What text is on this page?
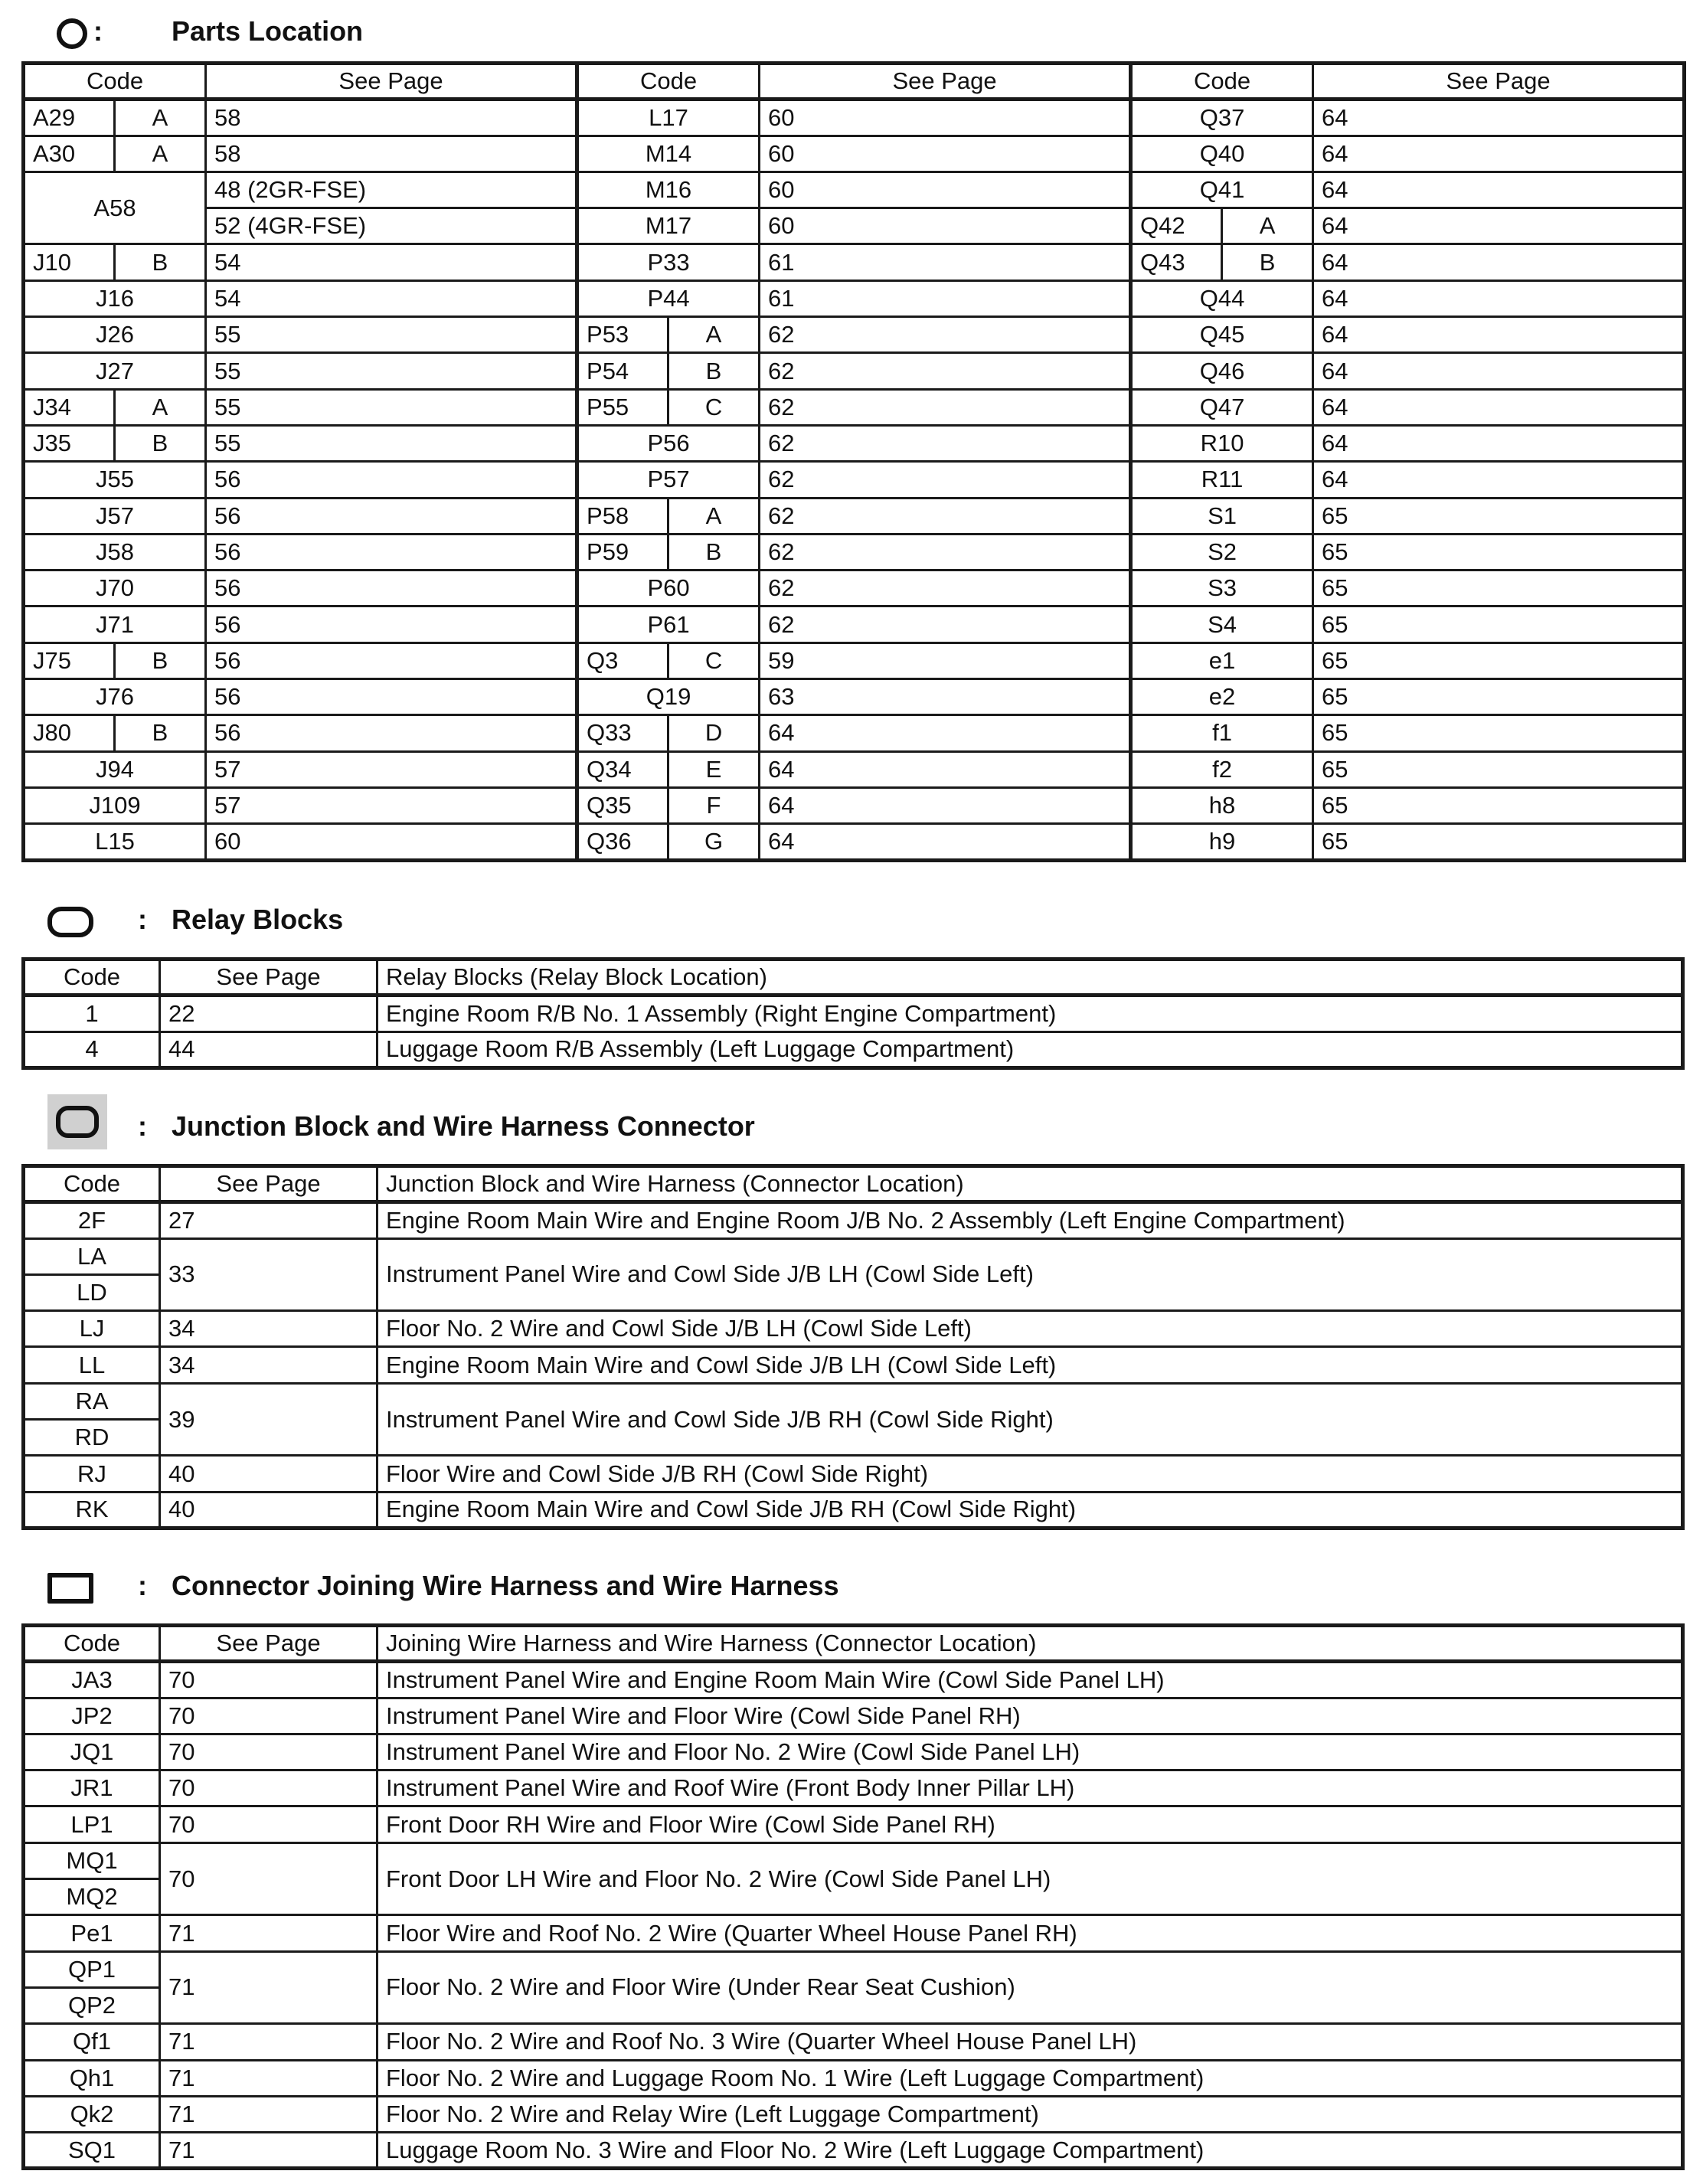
:	Parts Location
Code		See Page	Code		See Page	Code		See Page
A29	A	58	L17		60	Q37		64
A30	A	58	M14		60	Q40		64
A58		48 (2GR-FSE)	M16		60	Q41		64
		52 (4GR-FSE)	M17		60	Q42	A	64
J10	B	54	P33		61	Q43	B	64
J16		54	P44		61	Q44		64
J26		55	P53	A	62	Q45		64
J27		55	P54	B	62	Q46		64
J34	A	55	P55	C	62	Q47		64
J35	B	55	P56		62	R10		64
J55		56	P57		62	R11		64
J57		56	P58	A	62	S1		65
J58		56	P59	B	62	S2		65
J70		56	P60		62	S3		65
J71		56	P61		62	S4		65
J75	B	56	Q3	C	59	e1		65
J76		56	Q19		63	e2		65
J80	B	56	Q33	D	64	f1		65
J94		57	Q34	E	64	f2		65
J109		57	Q35	F	64	h8		65
L15		60	Q36	G	64	h9		65
: Relay Blocks
Code	See Page	Relay Blocks (Relay Block Location)
1	22	Engine Room R/B No. 1 Assembly (Right Engine Compartment)
4	44	Luggage Room R/B Assembly (Left Luggage Compartment)
: Junction Block and Wire Harness Connector
Code	See Page	Junction Block and Wire Harness (Connector Location)
2F	27	Engine Room Main Wire and Engine Room J/B No. 2 Assembly (Left Engine Compartment)
LA	33	Instrument Panel Wire and Cowl Side J/B LH (Cowl Side Left)
LD		
LJ	34	Floor No. 2 Wire and Cowl Side J/B LH (Cowl Side Left)
LL	34	Engine Room Main Wire and Cowl Side J/B LH (Cowl Side Left)
RA	39	Instrument Panel Wire and Cowl Side J/B RH (Cowl Side Right)
RD		
RJ	40	Floor Wire and Cowl Side J/B RH (Cowl Side Right)
RK	40	Engine Room Main Wire and Cowl Side J/B RH (Cowl Side Right)
: Connector Joining Wire Harness and Wire Harness
Code	See Page	Joining Wire Harness and Wire Harness (Connector Location)
JA3	70	Instrument Panel Wire and Engine Room Main Wire (Cowl Side Panel LH)
JP2	70	Instrument Panel Wire and Floor Wire (Cowl Side Panel RH)
JQ1	70	Instrument Panel Wire and Floor No. 2 Wire (Cowl Side Panel LH)
JR1	70	Instrument Panel Wire and Roof Wire (Front Body Inner Pillar LH)
LP1	70	Front Door RH Wire and Floor Wire (Cowl Side Panel RH)
MQ1	70	Front Door LH Wire and Floor No. 2 Wire (Cowl Side Panel LH)
MQ2		
Pe1	71	Floor Wire and Roof No. 2 Wire (Quarter Wheel House Panel RH)
QP1	71	Floor No. 2 Wire and Floor Wire (Under Rear Seat Cushion)
QP2		
Qf1	71	Floor No. 2 Wire and Roof No. 3 Wire (Quarter Wheel House Panel LH)
Qh1	71	Floor No. 2 Wire and Luggage Room No. 1 Wire (Left Luggage Compartment)
Qk2	71	Floor No. 2 Wire and Relay Wire (Left Luggage Compartment)
SQ1	71	Luggage Room No. 3 Wire and Floor No. 2 Wire (Left Luggage Compartment)
